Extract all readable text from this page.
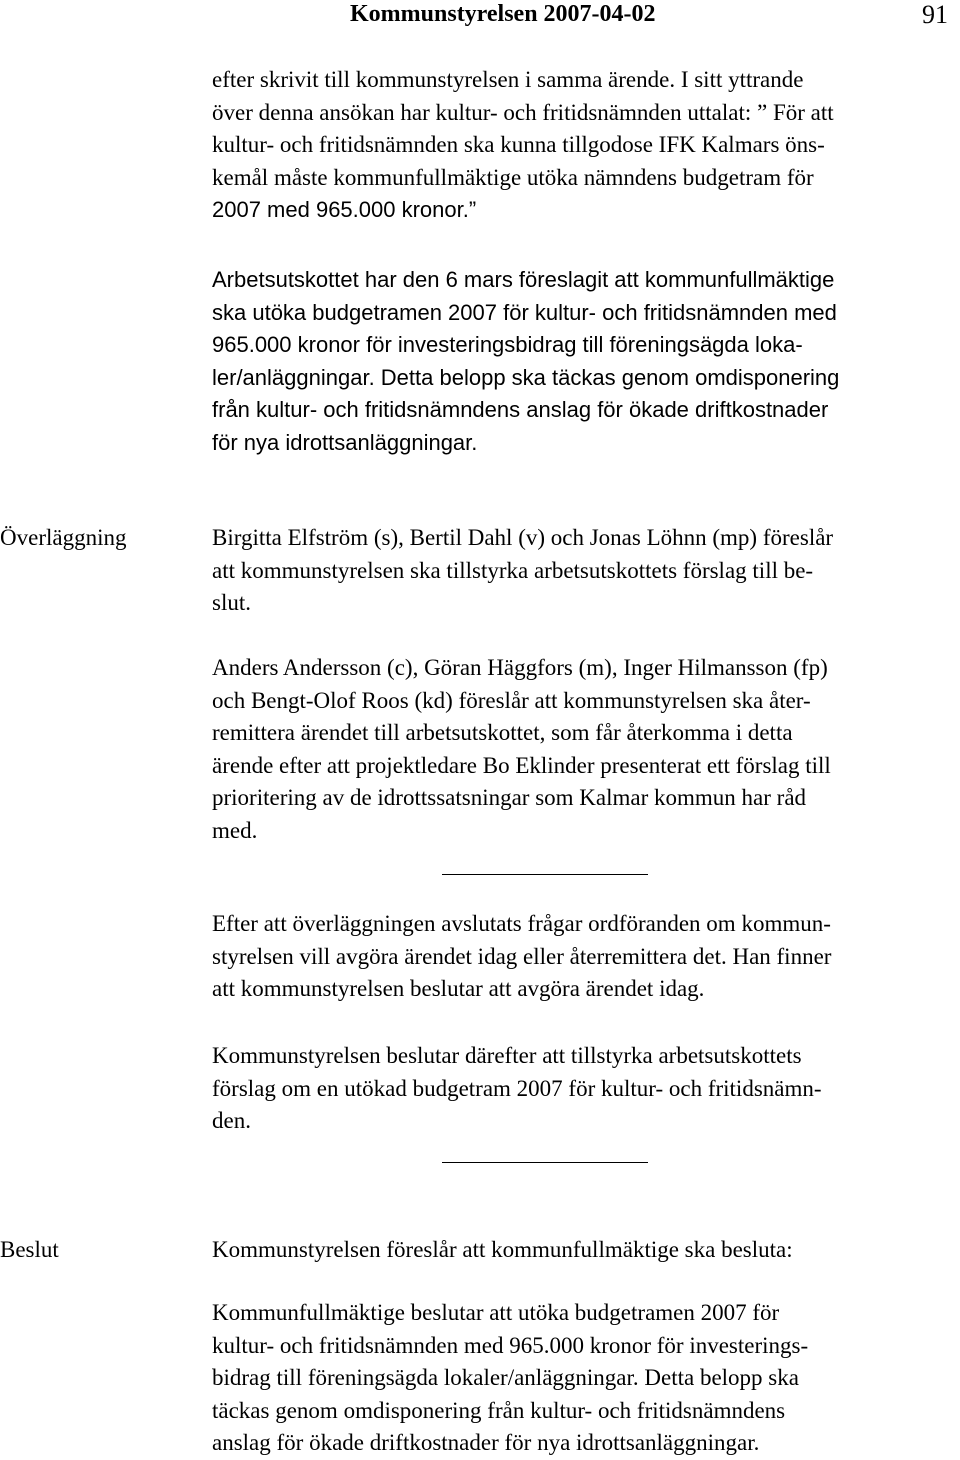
Kommunstyrelsen 2007-04-02	91

efter skrivit till kommunstyrelsen i samma ärende. I sitt yttrande
över denna ansökan har kultur- och fritidsnämnden uttalat: ” För att
kultur- och fritidsnämnden ska kunna tillgodose IFK Kalmars öns-
kemål måste kommunfullmäktige utöka nämndens budgetram för
2007 med 965.000 kronor.”

Arbetsutskottet har den 6 mars föreslagit att kommunfullmäktige
ska utöka budgetramen 2007 för kultur- och fritidsnämnden med
965.000 kronor för investeringsbidrag till föreningsägda loka-
ler/anläggningar. Detta belopp ska täckas genom omdisponering
från kultur- och fritidsnämndens anslag för ökade driftkostnader
för nya idrottsanläggningar.

Överläggning	Birgitta Elfström (s), Bertil Dahl (v) och Jonas Löhnn (mp) föreslår
att kommunstyrelsen ska tillstyrka arbetsutskottets förslag till be-
slut.

Anders Andersson (c), Göran Häggfors (m), Inger Hilmansson (fp)
och Bengt-Olof Roos (kd) föreslår att kommunstyrelsen ska åter-
remittera ärendet till arbetsutskottet, som får återkomma i detta
ärende efter att projektledare Bo Eklinder presenterat ett förslag till
prioritering av de idrottssatsningar som Kalmar kommun har råd
med.

Efter att överläggningen avslutats frågar ordföranden om kommun-
styrelsen vill avgöra ärendet idag eller återremittera det. Han finner
att kommunstyrelsen beslutar att avgöra ärendet idag.

Kommunstyrelsen beslutar därefter att tillstyrka arbetsutskottets
förslag om en utökad budgetram 2007 för kultur- och fritidsnämn-
den.

Beslut	Kommunstyrelsen föreslår att kommunfullmäktige ska besluta:

Kommunfullmäktige beslutar att utöka budgetramen 2007 för
kultur- och fritidsnämnden med 965.000 kronor för investerings-
bidrag till föreningsägda lokaler/anläggningar. Detta belopp ska
täckas genom omdisponering från kultur- och fritidsnämndens
anslag för ökade driftkostnader för nya idrottsanläggningar.
